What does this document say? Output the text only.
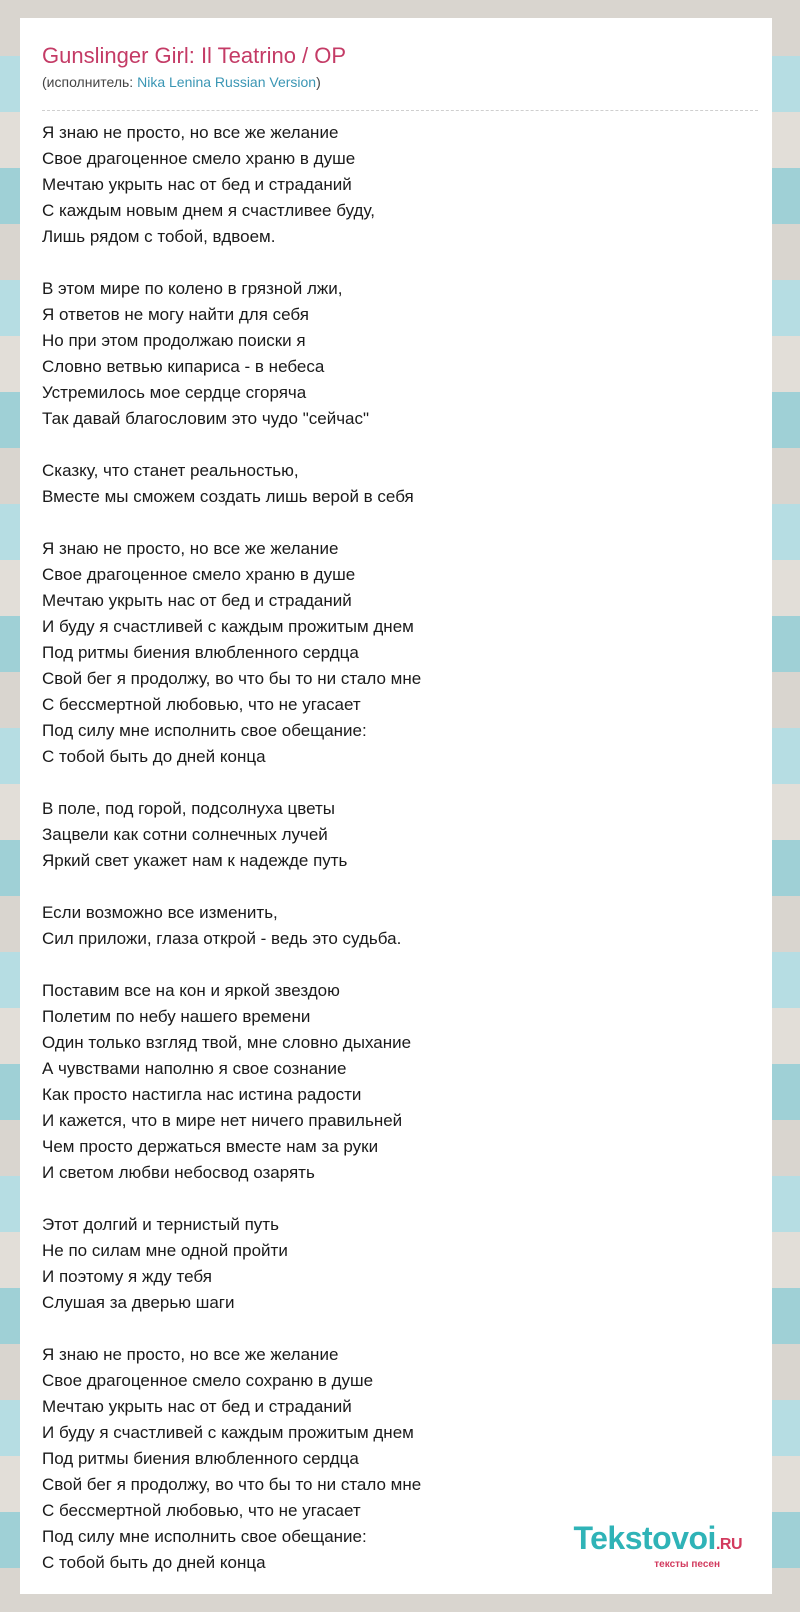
Gunslinger Girl: Il Teatrino / OP
(исполнитель: Nika Lenina Russian Version)
Я знаю не просто, но все же желание
Свое драгоценное смело храню в душе
Мечтаю укрыть нас от бед и страданий
С каждым новым днем я счастливее буду,
Лишь рядом с тобой, вдвоем.
В этом мире по колено в грязной лжи,
Я ответов не могу найти для себя
Но при этом продолжаю поиски я
Словно ветвью кипариса - в небеса
Устремилось мое сердце сгоряча
Так давай благословим это чудо "сейчас"
Сказку, что станет реальностью,
Вместе мы сможем создать лишь верой в себя
Я знаю не просто, но все же желание
Свое драгоценное смело храню в душе
Мечтаю укрыть нас от бед и страданий
И буду я счастливей с каждым прожитым днем
Под ритмы биения влюбленного сердца
Свой бег я продолжу, во что бы то ни стало мне
С бессмертной любовью, что не угасает
Под силу мне исполнить свое обещание:
С тобой быть до дней конца
В поле, под горой, подсолнуха цветы
Зацвели как сотни солнечных лучей
Яркий свет укажет нам к надежде путь
Если возможно все изменить,
Сил приложи, глаза открой - ведь это судьба.
Поставим все на кон и яркой звездою
Полетим по небу нашего времени
Один только взгляд твой, мне словно дыхание
А чувствами наполню я свое сознание
Как просто настигла нас истина радости
И кажется, что в мире нет ничего правильней
Чем просто держаться вместе нам за руки
И светом любви небосвод озарять
Этот долгий и тернистый путь
Не по силам мне одной пройти
И поэтому я жду тебя
Слушая за дверью шаги
Я знаю не просто, но все же желание
Свое драгоценное смело сохраню в душе
Мечтаю укрыть нас от бед и страданий
И буду я счастливей с каждым прожитым днем
Под ритмы биения влюбленного сердца
Свой бег я продолжу, во что бы то ни стало мне
С бессмертной любовью, что не угасает
Под силу мне исполнить свое обещание:
С тобой быть до дней конца
Tekstovoi.RU
тексты песен
